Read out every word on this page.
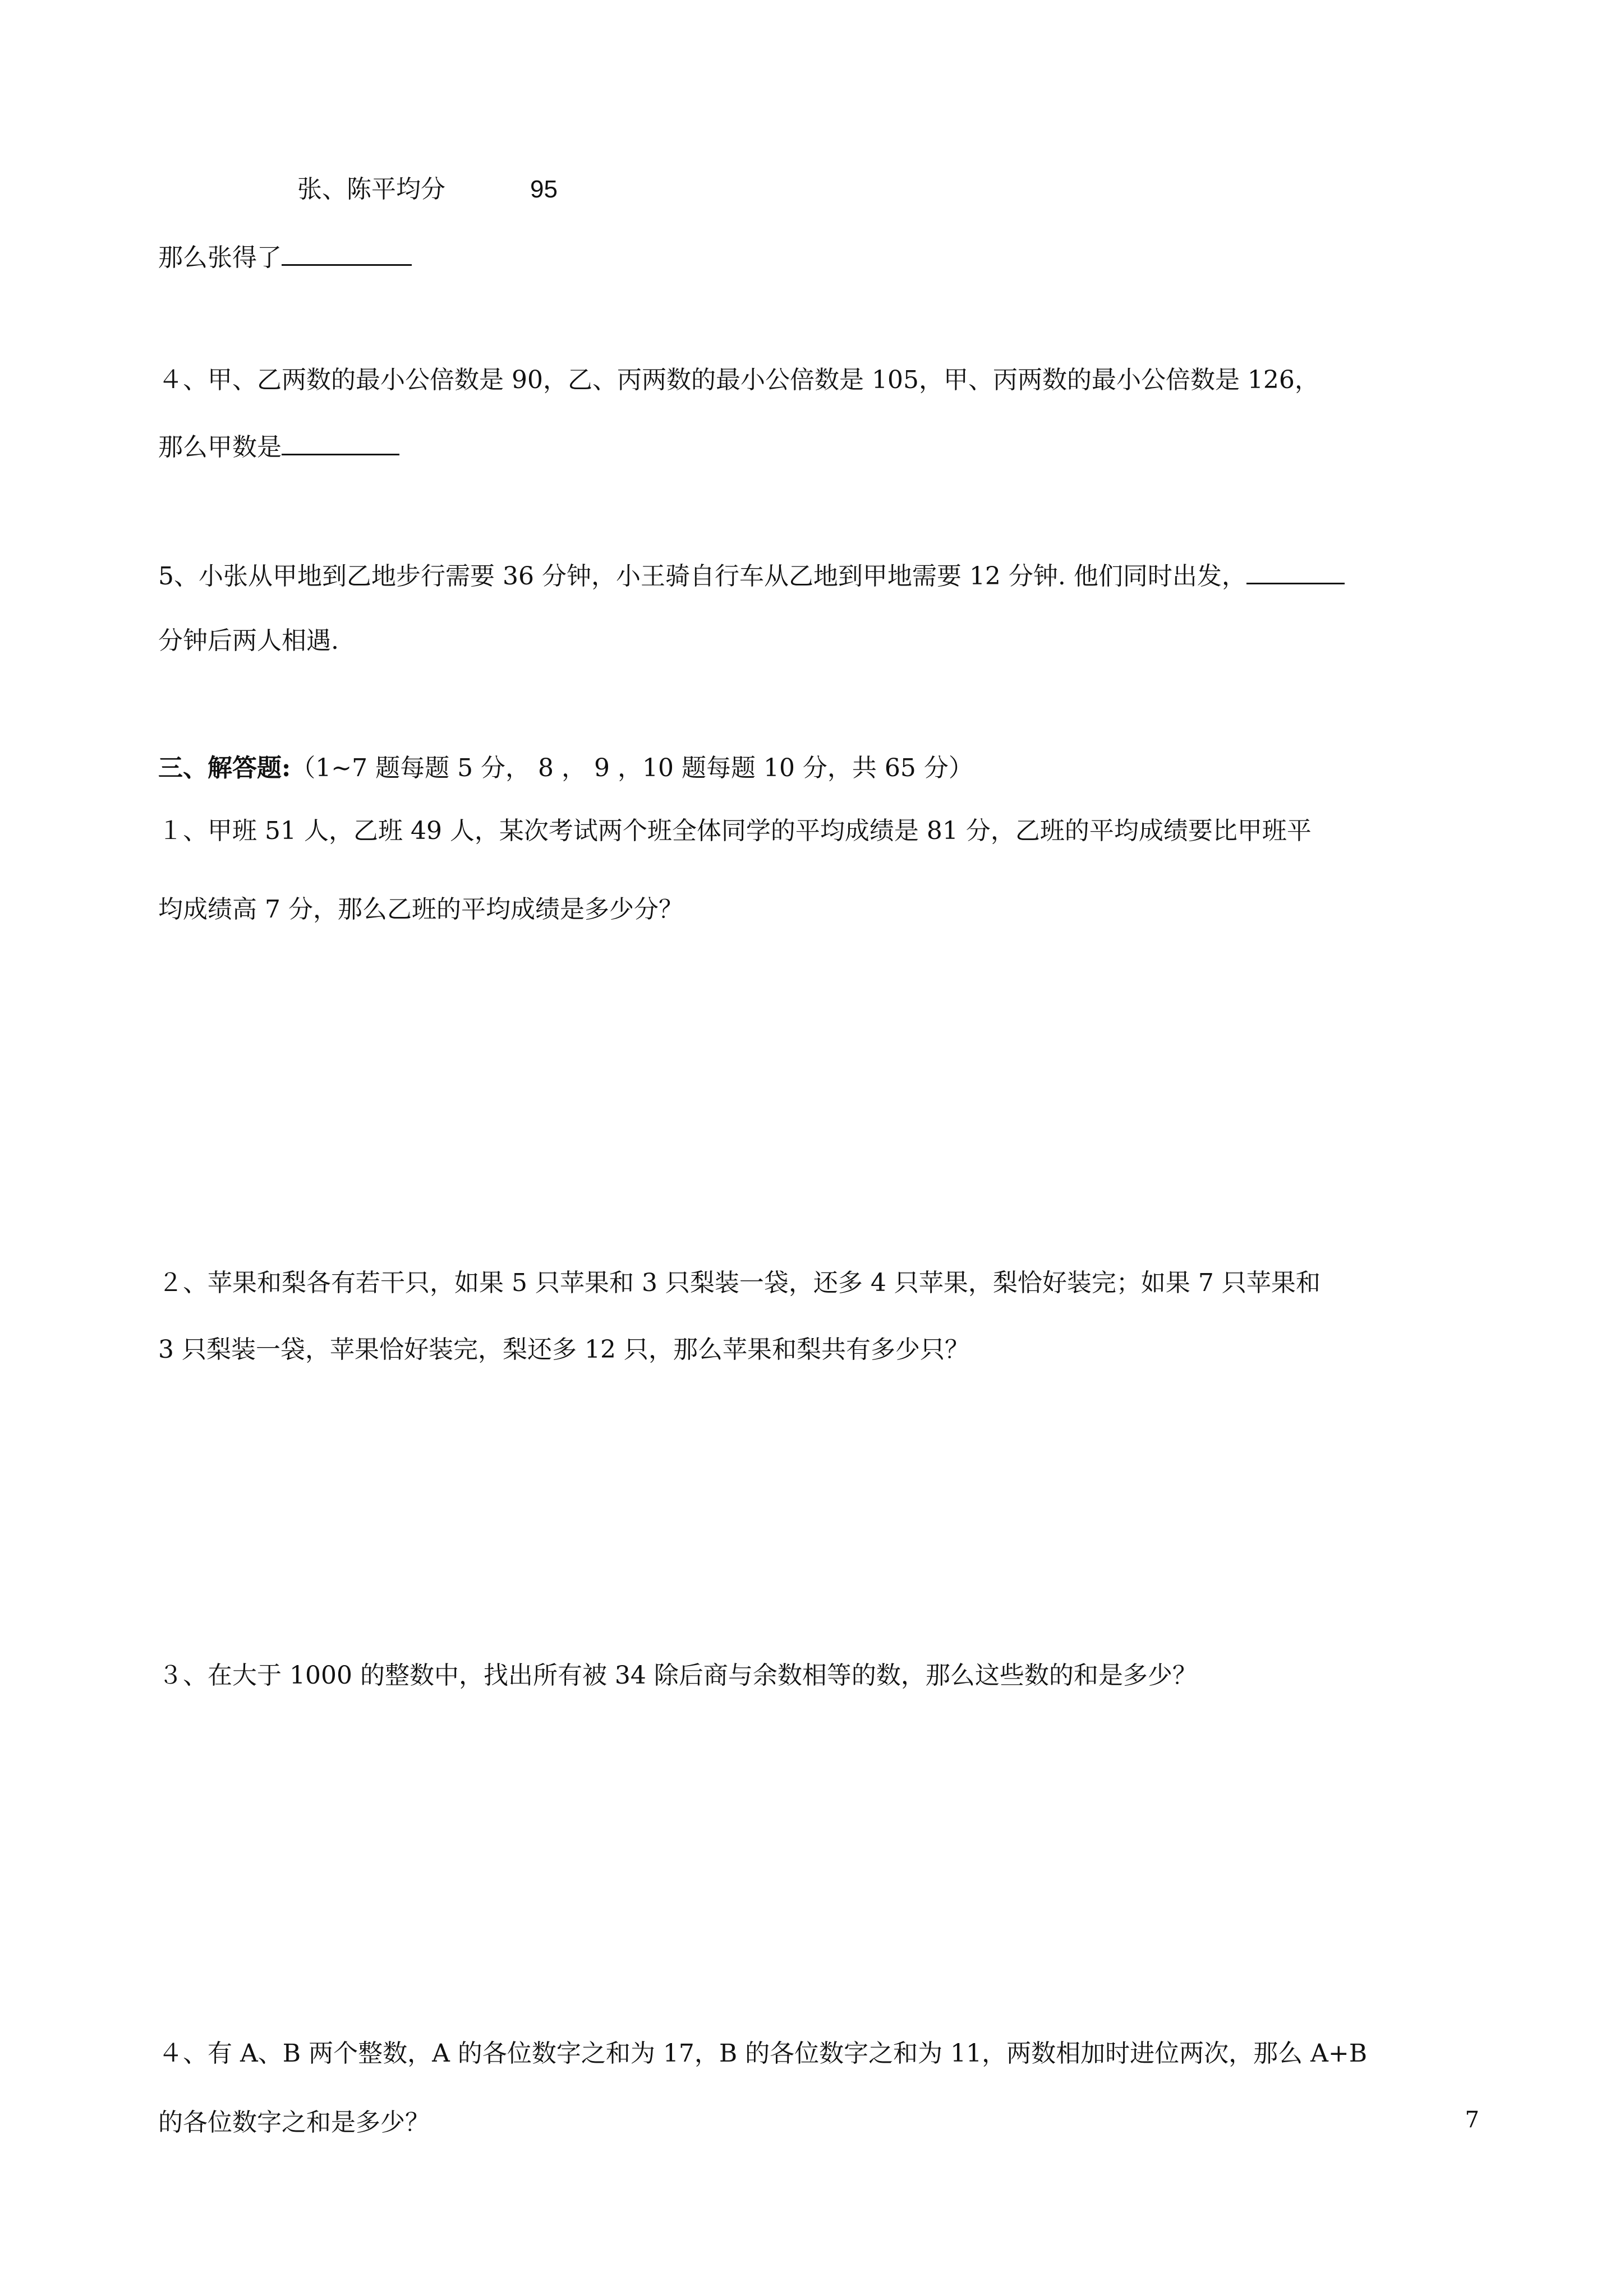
张、陈平均分	95
那么张得了
４、甲、乙两数的最小公倍数是 90，乙、丙两数的最小公倍数是 105，甲、丙两数的最小公倍数是 126，
那么甲数是
5、小张从甲地到乙地步行需要 36 分钟，小王骑自行车从乙地到甲地需要 12 分钟. 他们同时出发，
分钟后两人相遇.
三、解答题:（1~7 题每题 5 分， 8 ， 9 ，10 题每题 10 分，共 65 分）
１、甲班 51 人，乙班 49 人，某次考试两个班全体同学的平均成绩是 81 分，乙班的平均成绩要比甲班平
均成绩高 7 分，那么乙班的平均成绩是多少分？
２、苹果和梨各有若干只，如果 5 只苹果和 3 只梨装一袋，还多 4 只苹果，梨恰好装完；如果 7 只苹果和
3 只梨装一袋，苹果恰好装完，梨还多 12 只，那么苹果和梨共有多少只？
３、在大于 1000 的整数中，找出所有被 34 除后商与余数相等的数，那么这些数的和是多少？
４、有 A、B 两个整数，A 的各位数字之和为 17，B 的各位数字之和为 11，两数相加时进位两次，那么 A+B
的各位数字之和是多少？	7
